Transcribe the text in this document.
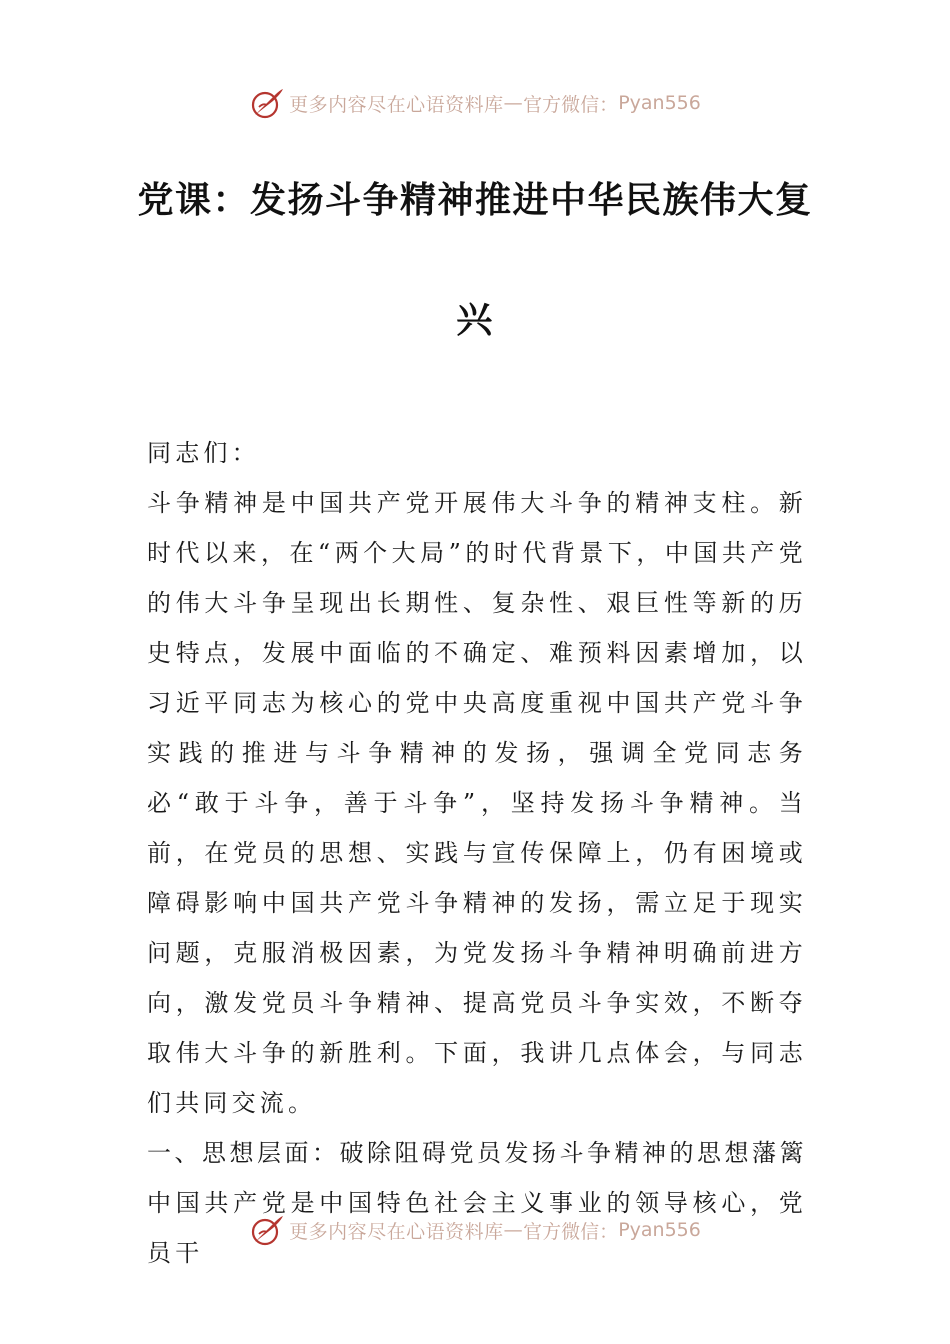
更多内容尽在心语资料库 — 官方微信： Pyan556
党课：发扬斗争精神推进中华民族伟大复
兴

同志们：

斗争精神是中国共产党开展伟大斗争的精神支柱。新时代以来，在“两个大局”的时代背景下，中国共产党的伟大斗争呈现出长期性、复杂性、艰巨性等新的历史特点，发展中面临的不确定、难预料因素增加，以习近平同志为核心的党中央高度重视中国共产党斗争实践的推进与斗争精神的发扬，强调全党同志务必“敢于斗争，善于斗争”，坚持发扬斗争精神。当前，在党员的思想、实践与宣传保障上，仍有困境或障碍影响中国共产党斗争精神的发扬，需立足于现实问题，克服消极因素，为党发扬斗争精神明确前进方向，激发党员斗争精神、提高党员斗争实效，不断夺取伟大斗争的新胜利。下面，我讲几点体会，与同志们共同交流。

一、思想层面：破除阻碍党员发扬斗争精神的思想藩篱

中国共产党是中国特色社会主义事业的领导核心，党员干

更多内容尽在心语资料库 — 官方微信： Pyan556
